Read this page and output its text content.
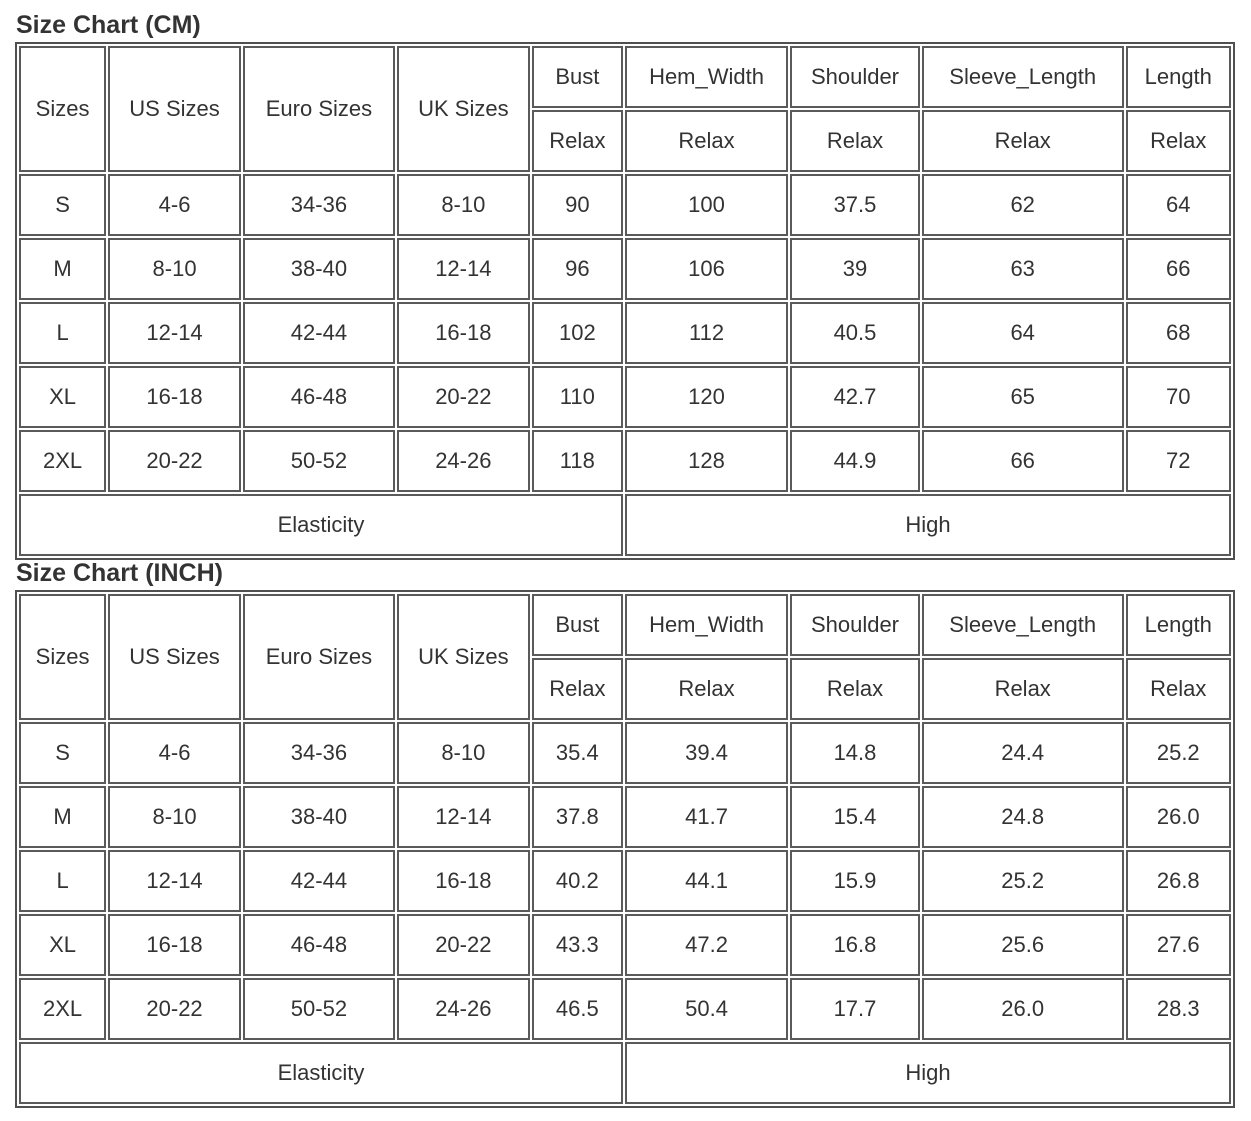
Size Chart (CM)
Sizes	US Sizes	Euro Sizes	UK Sizes	Bust	Hem_Width	Shoulder	Sleeve_Length	Length
				Relax	Relax	Relax	Relax	Relax
S	4-6	34-36	8-10	90	100	37.5	62	64
M	8-10	38-40	12-14	96	106	39	63	66
L	12-14	42-44	16-18	102	112	40.5	64	68
XL	16-18	46-48	20-22	110	120	42.7	65	70
2XL	20-22	50-52	24-26	118	128	44.9	66	72
Elasticity					High			
Size Chart (INCH)
Sizes	US Sizes	Euro Sizes	UK Sizes	Bust	Hem_Width	Shoulder	Sleeve_Length	Length
				Relax	Relax	Relax	Relax	Relax
S	4-6	34-36	8-10	35.4	39.4	14.8	24.4	25.2
M	8-10	38-40	12-14	37.8	41.7	15.4	24.8	26.0
L	12-14	42-44	16-18	40.2	44.1	15.9	25.2	26.8
XL	16-18	46-48	20-22	43.3	47.2	16.8	25.6	27.6
2XL	20-22	50-52	24-26	46.5	50.4	17.7	26.0	28.3
Elasticity					High			
